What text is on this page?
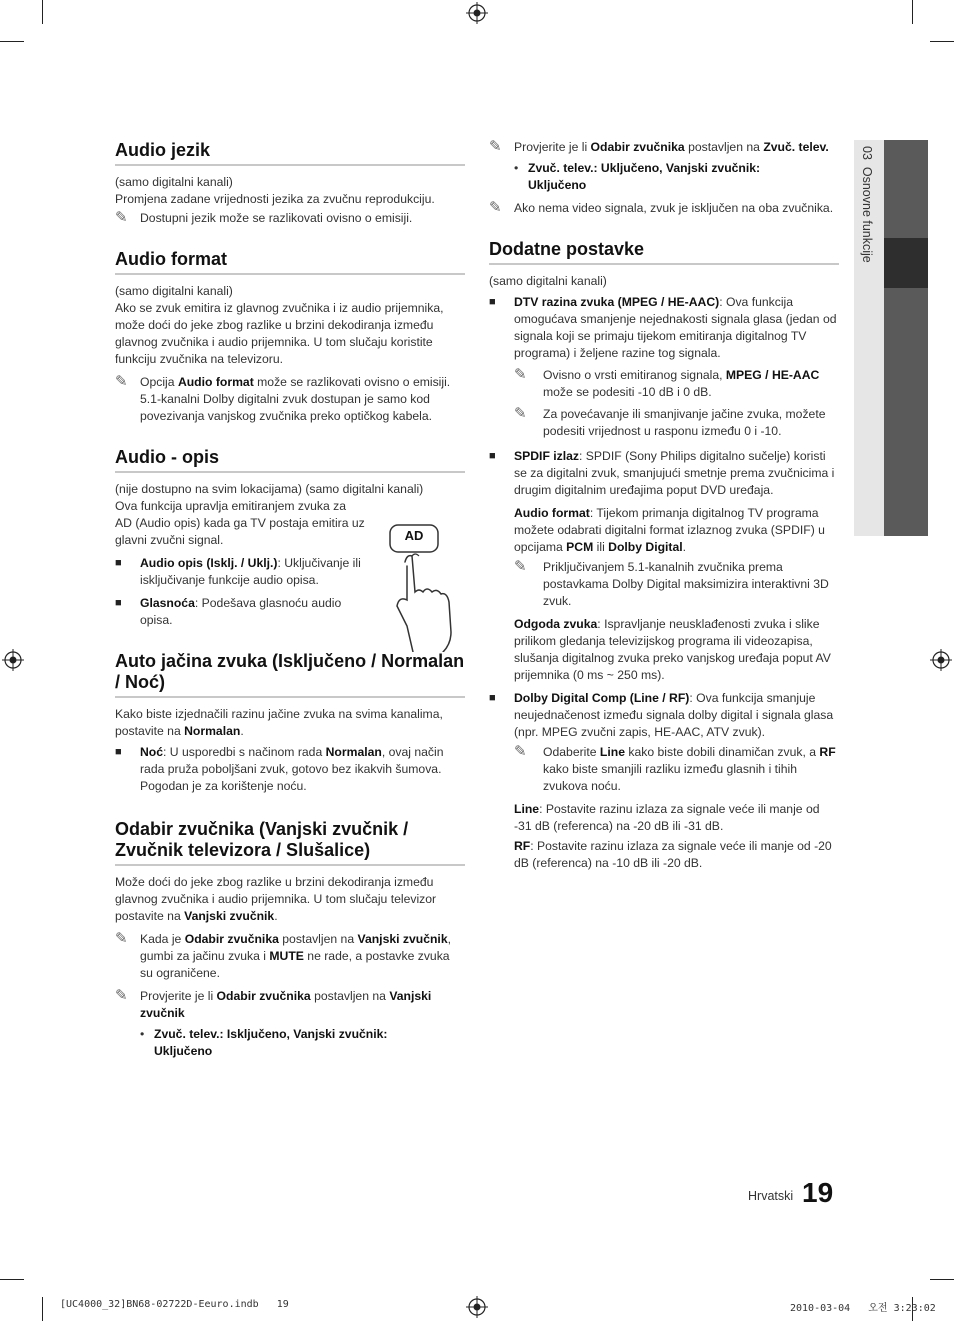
03  Osnovne funkcije
Audio jezik

(samo digitalni kanali)

Promjena zadane vrijednosti jezika za zvučnu reprodukciju.

✎ Dostupni jezik može se razlikovati ovisno o emisiji.

Audio format

(samo digitalni kanali)

Ako se zvuk emitira iz glavnog zvučnika i iz audio prijemnika, može doći do jeke zbog razlike u brzini dekodiranja između glavnog zvučnika i audio prijemnika. U tom slučaju koristite funkciju zvučnika na televizoru.

✎ Opcija Audio format može se razlikovati ovisno o emisiji. 5.1-kanalni Dolby digitalni zvuk dostupan je samo kod povezivanja vanjskog zvučnika preko optičkog kabela.

Audio - opis

(nije dostupno na svim lokacijama) (samo digitalni kanali)

Ova funkcija upravlja emitiranjem zvuka za AD (Audio opis) kada ga TV postaja emitira uz glavni zvučni signal.

■ Audio opis (Isklj. / Uklj.): Uključivanje ili isključivanje funkcije audio opisa.

■ Glasnoća: Podešava glasnoću audio opisa.

Auto jačina zvuka (Isključeno / Normalan / Noć)

Kako biste izjednačili razinu jačine zvuka na svima kanalima, postavite na Normalan.

■ Noć: U usporedbi s načinom rada Normalan, ovaj način rada pruža poboljšani zvuk, gotovo bez ikakvih šumova. Pogodan je za korištenje noću.

Odabir zvučnika (Vanjski zvučnik / Zvučnik televizora / Slušalice)

Može doći do jeke zbog razlike u brzini dekodiranja između glavnog zvučnika i audio prijemnika. U tom slučaju televizor postavite na Vanjski zvučnik.

✎ Kada je Odabir zvučnika postavljen na Vanjski zvučnik, gumbi za jačinu zvuka i MUTE ne rade, a postavke zvuka su ograničene.

✎ Provjerite je li Odabir zvučnika postavljen na Vanjski zvučnik

• Zvuč. telev.: Isključeno, Vanjski zvučnik: Uključeno

AD

✎ Provjerite je li Odabir zvučnika postavljen na Zvuč. telev.

• Zvuč. telev.: Uključeno, Vanjski zvučnik: Uključeno

✎ Ako nema video signala, zvuk je isključen na oba zvučnika.

Dodatne postavke

(samo digitalni kanali)

■ DTV razina zvuka (MPEG / HE-AAC): Ova funkcija omogućava smanjenje nejednakosti signala glasa (jedan od signala koji se primaju tijekom emitiranja digitalnog TV programa) i željene razine tog signala.

✎ Ovisno o vrsti emitiranog signala, MPEG / HE-AAC može se podesiti -10 dB i 0 dB.

✎ Za povećavanje ili smanjivanje jačine zvuka, možete podesiti vrijednost u rasponu između 0 i -10.

■ SPDIF izlaz: SPDIF (Sony Philips digitalno sučelje) koristi se za digitalni zvuk, smanjujući smetnje prema zvučnicima i drugim digitalnim uređajima poput DVD uređaja.

Audio format: Tijekom primanja digitalnog TV programa možete odabrati digitalni format izlaznog zvuka (SPDIF) u opcijama PCM ili Dolby Digital.

✎ Priključivanjem 5.1-kanalnih zvučnika prema postavkama Dolby Digital maksimizira interaktivni 3D zvuk.

Odgoda zvuka: Ispravljanje neusklađenosti zvuka i slike prilikom gledanja televizijskog programa ili videozapisa, slušanja digitalnog zvuka preko vanjskog uređaja poput AV prijemnika (0 ms ~ 250 ms).

■ Dolby Digital Comp (Line / RF): Ova funkcija smanjuje neujednačenost između signala dolby digital i signala glasa (npr. MPEG zvučni zapis, HE-AAC, ATV zvuk).

✎ Odaberite Line kako biste dobili dinamičan zvuk, a RF kako biste smanjili razliku između glasnih i tihih zvukova noću.

Line: Postavite razinu izlaza za signale veće ili manje od -31 dB (referenca) na -20 dB ili -31 dB.

RF: Postavite razinu izlaza za signale veće ili manje od -20 dB (referenca) na -10 dB ili -20 dB.

Hrvatski 19
[UC4000_32]BN68-02722D-Eeuro.indb   19	2010-03-04   오전 3:23:02
